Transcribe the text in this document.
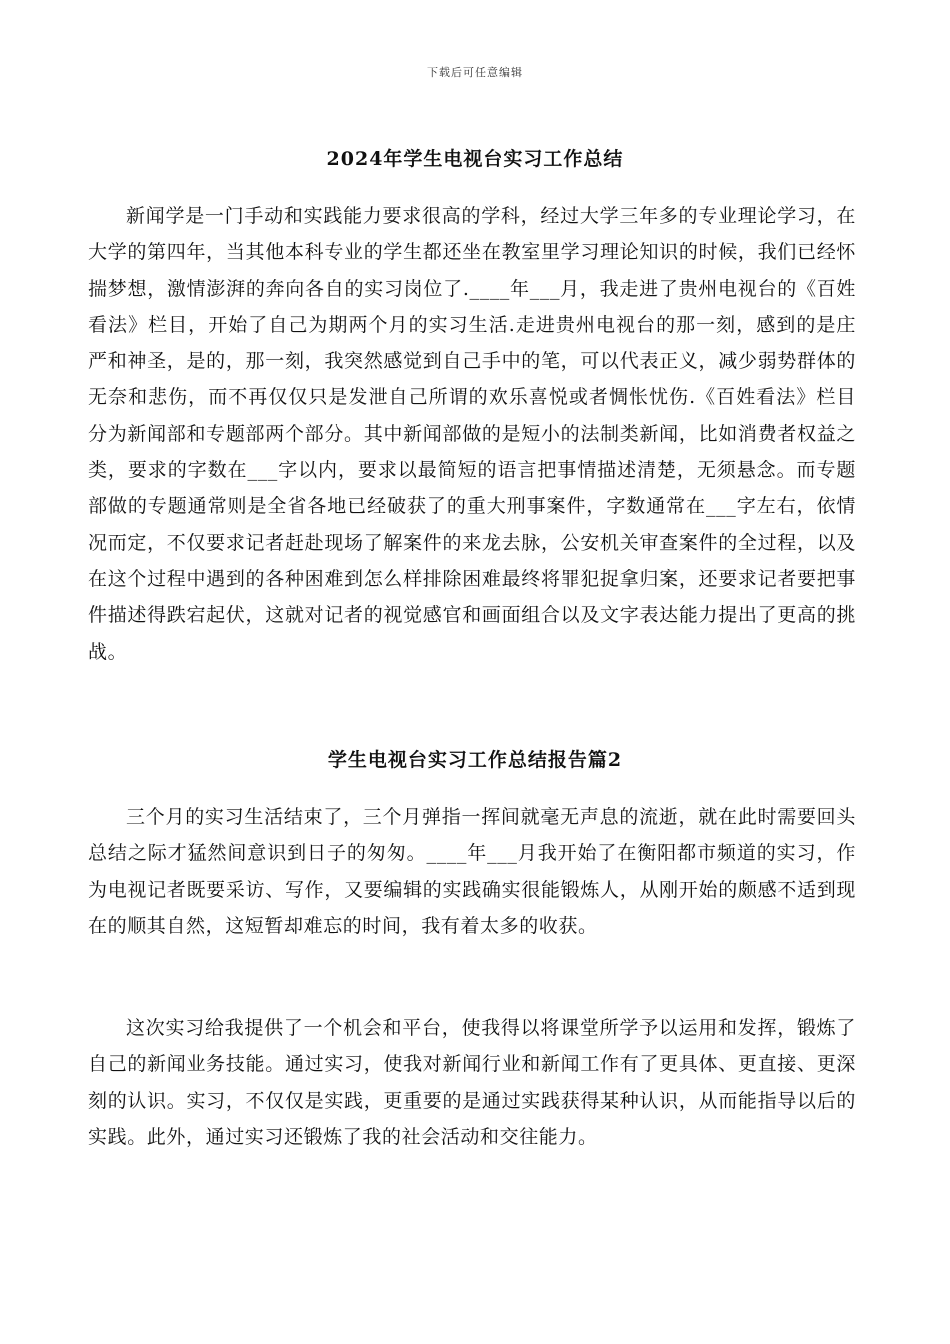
下载后可任意编辑
2024年学生电视台实习工作总结

新闻学是一门手动和实践能力要求很高的学科，经过大学三年多的专业理论学习，在大学的第四年，当其他本科专业的学生都还坐在教室里学习理论知识的时候，我们已经怀揣梦想，激情澎湃的奔向各自的实习岗位了.____年___月，我走进了贵州电视台的《百姓看法》栏目，开始了自己为期两个月的实习生活.走进贵州电视台的那一刻，感到的是庄严和神圣，是的，那一刻，我突然感觉到自己手中的笔，可以代表正义，减少弱势群体的无奈和悲伤，而不再仅仅只是发泄自己所谓的欢乐喜悦或者惆怅忧伤.《百姓看法》栏目分为新闻部和专题部两个部分。其中新闻部做的是短小的法制类新闻，比如消费者权益之类，要求的字数在___字以内，要求以最简短的语言把事情描述清楚，无须悬念。而专题部做的专题通常则是全省各地已经破获了的重大刑事案件，字数通常在___字左右，依情况而定，不仅要求记者赶赴现场了解案件的来龙去脉，公安机关审查案件的全过程，以及在这个过程中遇到的各种困难到怎么样排除困难最终将罪犯捉拿归案，还要求记者要把事件描述得跌宕起伏，这就对记者的视觉感官和画面组合以及文字表达能力提出了更高的挑战。

学生电视台实习工作总结报告篇2

三个月的实习生活结束了，三个月弹指一挥间就毫无声息的流逝，就在此时需要回头总结之际才猛然间意识到日子的匆匆。____年___月我开始了在衡阳都市频道的实习，作为电视记者既要采访、写作，又要编辑的实践确实很能锻炼人，从刚开始的颇感不适到现在的顺其自然，这短暂却难忘的时间，我有着太多的收获。

这次实习给我提供了一个机会和平台，使我得以将课堂所学予以运用和发挥，锻炼了自己的新闻业务技能。通过实习，使我对新闻行业和新闻工作有了更具体、更直接、更深刻的认识。实习，不仅仅是实践，更重要的是通过实践获得某种认识，从而能指导以后的实践。此外，通过实习还锻炼了我的社会活动和交往能力。
